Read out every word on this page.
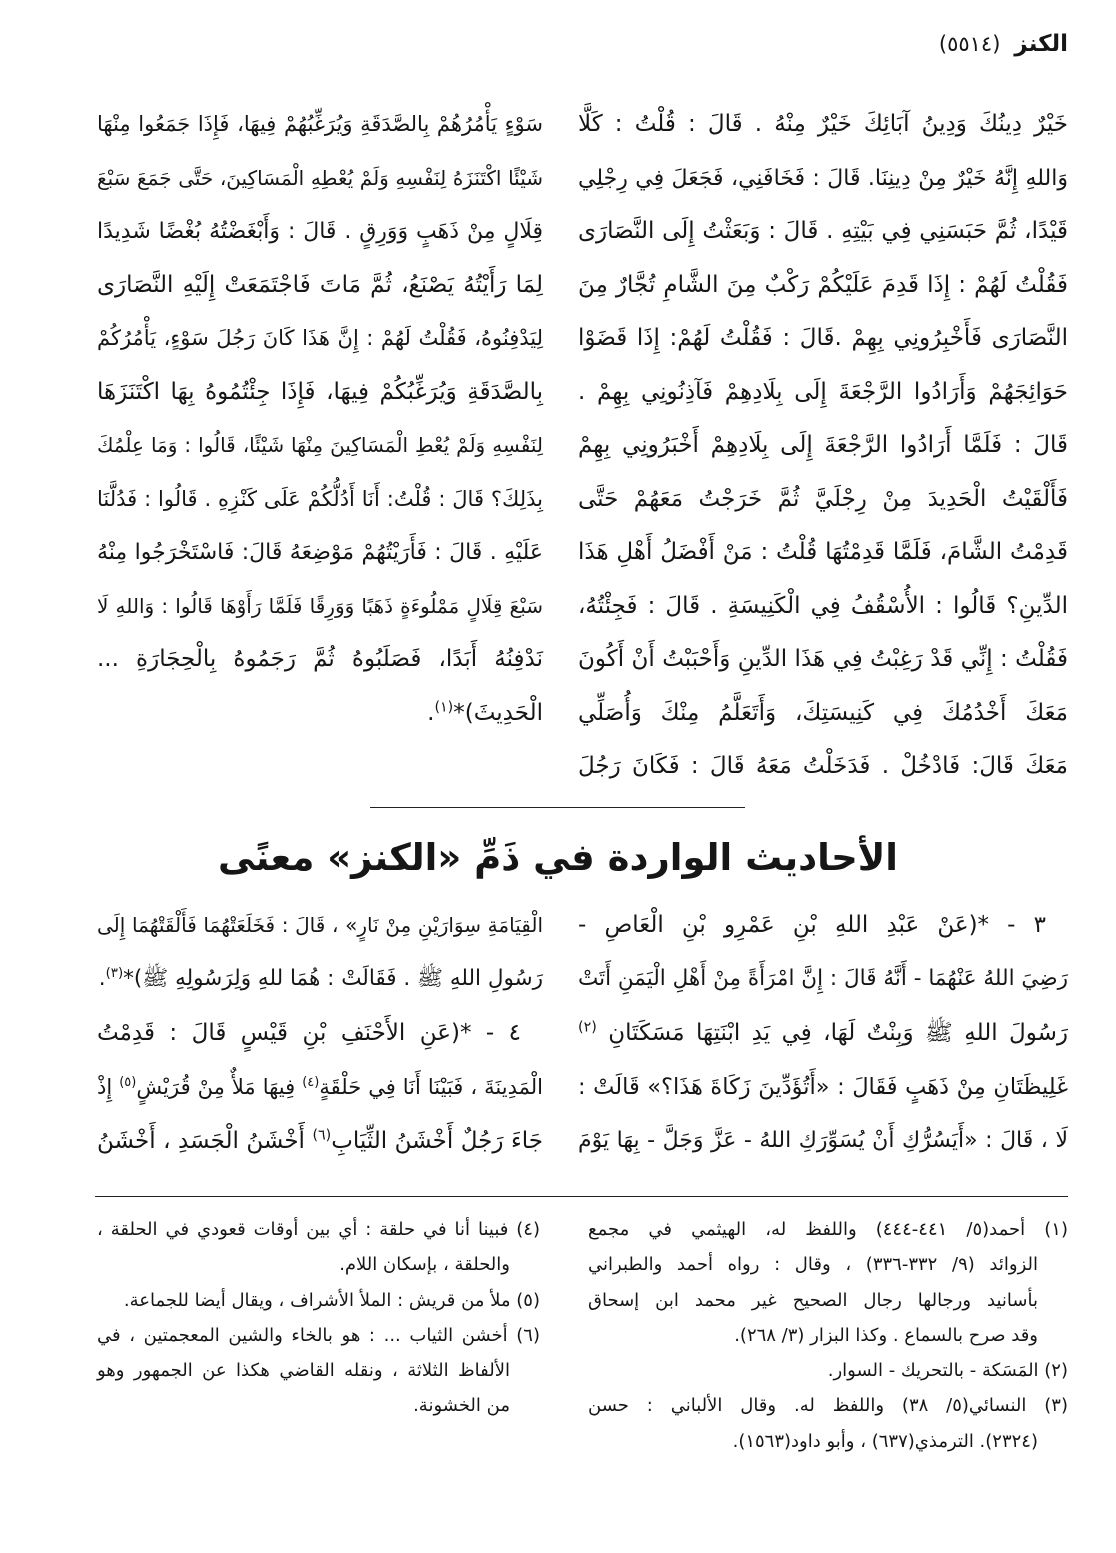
الكنز
(٥٥١٤)
خَيْرٌ دِينُكَ وَدِينُ آبَائِكَ خَيْرٌ مِنْهُ . قَالَ : قُلْتُ : كَلَّا
وَاللهِ إِنَّهُ خَيْرٌ مِنْ دِينِنَا. قَالَ : فَخَافَنِي، فَجَعَلَ فِي رِجْلِي
قَيْدًا، ثُمَّ حَبَسَنِي فِي بَيْتِهِ . قَالَ : وَبَعَثْتُ إِلَى النَّصَارَى
فَقُلْتُ لَهُمْ : إِذَا قَدِمَ عَلَيْكُمْ رَكْبٌ مِنَ الشَّامِ تُجَّارٌ مِنَ
النَّصَارَى فَأَخْبِرُونِي بِهِمْ .قَالَ : فَقُلْتُ لَهُمْ: إِذَا قَضَوْا
حَوَائِجَهُمْ وَأَرَادُوا الرَّجْعَةَ إِلَى بِلَادِهِمْ فَآذِنُونِي بِهِمْ .
قَالَ : فَلَمَّا أَرَادُوا الرَّجْعَةَ إِلَى بِلَادِهِمْ أَخْبَرُونِي بِهِمْ
فَأَلْقَيْتُ الْحَدِيدَ مِنْ رِجْلَيَّ ثُمَّ خَرَجْتُ مَعَهُمْ حَتَّى
قَدِمْتُ الشَّامَ، فَلَمَّا قَدِمْتُهَا قُلْتُ : مَنْ أَفْضَلُ أَهْلِ هَذَا
الدِّينِ؟ قَالُوا : الأُسْقُفُ فِي الْكَنِيسَةِ . قَالَ : فَجِئْتُهُ،
فَقُلْتُ : إِنِّي قَدْ رَغِبْتُ فِي هَذَا الدِّينِ وَأَحْبَبْتُ أَنْ أَكُونَ
مَعَكَ أَخْدُمُكَ فِي كَنِيسَتِكَ، وَأَتَعَلَّمُ مِنْكَ وَأُصَلِّي
مَعَكَ قَالَ: فَادْخُلْ . فَدَخَلْتُ مَعَهُ قَالَ : فَكَانَ رَجُلَ
سَوْءٍ يَأْمُرُهُمْ بِالصَّدَقَةِ وَيُرَغِّبُهُمْ فِيهَا، فَإِذَا جَمَعُوا مِنْهَا
شَيْئًا اكْتَنَزَهُ لِنَفْسِهِ وَلَمْ يُعْطِهِ الْمَسَاكِينَ، حَتَّى جَمَعَ سَبْعَ
قِلَالٍ مِنْ ذَهَبٍ وَوَرِقٍ . قَالَ : وَأَبْغَضْتُهُ بُغْضًا شَدِيدًا
لِمَا رَأَيْتُهُ يَصْنَعُ، ثُمَّ مَاتَ فَاجْتَمَعَتْ إِلَيْهِ النَّصَارَى
لِيَدْفِنُوهُ، فَقُلْتُ لَهُمْ : إِنَّ هَذَا كَانَ رَجُلَ سَوْءٍ، يَأْمُرُكُمْ
بِالصَّدَقَةِ وَيُرَغِّبُكُمْ فِيهَا، فَإِذَا جِئْتُمُوهُ بِهَا اكْتَنَزَهَا
لِنَفْسِهِ وَلَمْ يُعْطِ الْمَسَاكِينَ مِنْهَا شَيْئًا، قَالُوا : وَمَا عِلْمُكَ
بِذَلِكَ؟ قَالَ : قُلْتُ: أَنَا أَدُلُّكُمْ عَلَى كَنْزِهِ . قَالُوا : فَدُلَّنَا
عَلَيْهِ . قَالَ : فَأَرَيْتُهُمْ مَوْضِعَهُ قَالَ: فَاسْتَخْرَجُوا مِنْهُ
سَبْعَ قِلَالٍ مَمْلُوءَةٍ ذَهَبًا وَوَرِقًا فَلَمَّا رَأَوْهَا قَالُوا : وَاللهِ لَا
نَدْفِنُهُ أَبَدًا، فَصَلَبُوهُ ثُمَّ رَجَمُوهُ بِالْحِجَارَةِ ...
الْحَدِيثَ)*$^{(١)}$.
الأحاديث الواردة في ذَمِّ «الكنز» معنًى
٣ - *(عَنْ عَبْدِ اللهِ بْنِ عَمْرِو بْنِ الْعَاصِ -
رَضِيَ اللهُ عَنْهُمَا - أَنَّهُ قَالَ : إِنَّ امْرَأَةً مِنْ أَهْلِ الْيَمَنِ أَتَتْ
رَسُولَ اللهِ ﷺ وَبِنْتٌ لَهَا، فِي يَدِ ابْنَتِهَا مَسَكَتَانِ $^{(٢)}$
غَلِيظَتَانِ مِنْ ذَهَبٍ فَقَالَ : «أَتُؤَدِّينَ زَكَاةَ هَذَا؟» قَالَتْ :
لَا ، قَالَ : «أَيَسُرُّكِ أَنْ يُسَوِّرَكِ اللهُ - عَزَّ وَجَلَّ - بِهَا يَوْمَ
الْقِيَامَةِ سِوَارَيْنِ مِنْ نَارٍ» ، قَالَ : فَخَلَعَتْهُمَا فَأَلْقَتْهُمَا إِلَى
رَسُولِ اللهِ ﷺ . فَقَالَتْ : هُمَا للهِ وَلِرَسُولِهِ ﷺ)*$^{(٣)}$.
٤ - *(عَنِ الأَحْنَفِ بْنِ قَيْسٍ قَالَ : قَدِمْتُ
الْمَدِينَةَ ، فَبَيْنَا أَنَا فِي حَلْقَةٍ$^{(٤)}$ فِيهَا مَلأٌ مِنْ قُرَيْشٍ$^{(٥)}$ إِذْ
جَاءَ رَجُلٌ أَخْشَنُ الثِّيَابِ$^{(٦)}$ أَخْشَنُ الْجَسَدِ ، أَخْشَنُ
(١) أحمد(٥/ ٤٤١-٤٤٤) واللفظ له، الهيثمي في مجمع
الزوائد (٩/ ٣٣٢-٣٣٦) ، وقال : رواه أحمد والطبراني
بأسانيد ورجالها رجال الصحيح غير محمد ابن إسحاق
وقد صرح بالسماع . وكذا البزار (٣/ ٢٦٨).
(٢) المَسَكة - بالتحريك - السوار.
(٣) النسائي(٥/ ٣٨) واللفظ له. وقال الألباني : حسن
(٢٣٢٤). الترمذي(٦٣٧) ، وأبو داود(١٥٦٣).
(٤) فبينا أنا في حلقة : أي بين أوقات قعودي في الحلقة ،
والحلقة ، بإسكان اللام.
(٥) ملأ من قريش : الملأ الأشراف ، ويقال أيضا للجماعة.
(٦) أخشن الثياب ... : هو بالخاء والشين المعجمتين ، في
الألفاظ الثلاثة ، ونقله القاضي هكذا عن الجمهور وهو
من الخشونة.
